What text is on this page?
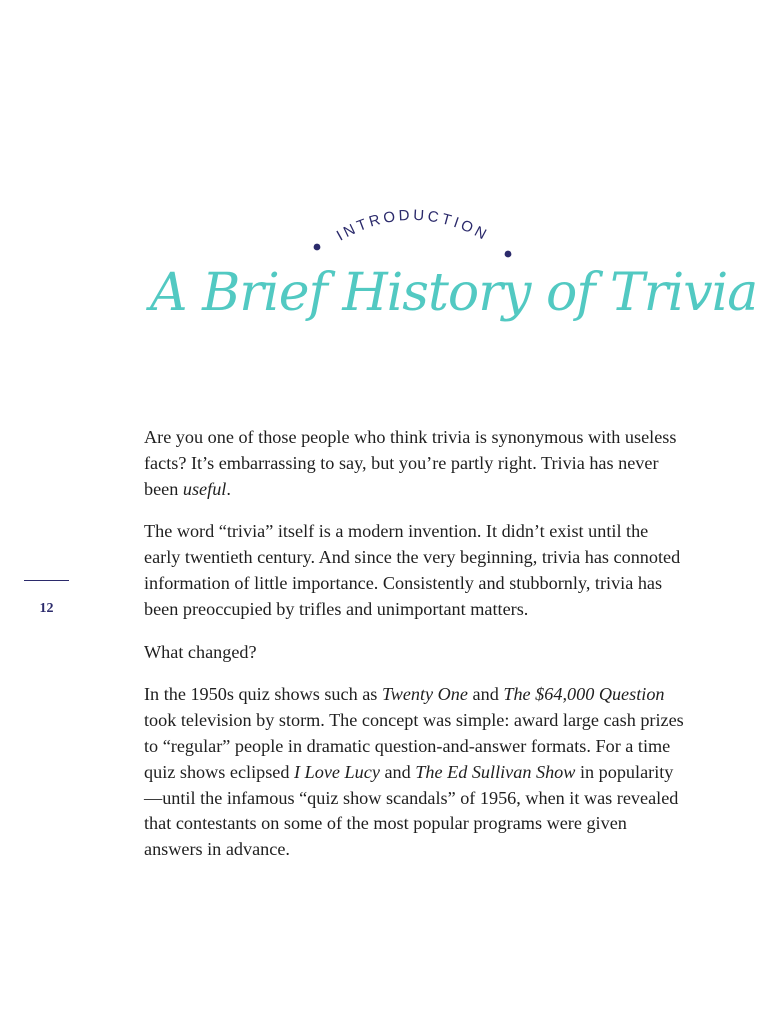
INTRODUCTION
A Brief History of Trivia
12

Are you one of those people who think trivia is synonymous with useless facts? It’s embarrassing to say, but you’re partly right. Trivia has never been useful.

The word “trivia” itself is a modern invention. It didn’t exist until the early twentieth century. And since the very beginning, trivia has connoted information of little importance. Consistently and stubbornly, trivia has been preoccupied by trifles and unimportant matters.

What changed?

In the 1950s quiz shows such as Twenty One and The $64,000 Question took television by storm. The concept was simple: award large cash prizes to “regular” people in dramatic question-and-answer formats. For a time quiz shows eclipsed I Love Lucy and The Ed Sullivan Show in popularity—until the infamous “quiz show scandals” of 1956, when it was revealed that contestants on some of the most popular programs were given answers in advance.
